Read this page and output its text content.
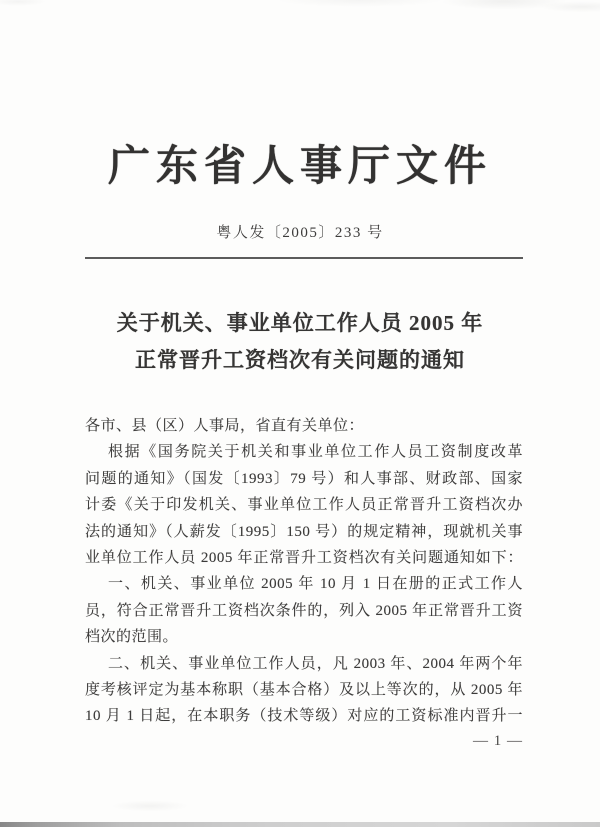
广东省人事厅文件
粤人发〔2005〕233 号
关于机关、事业单位工作人员 2005 年
正常晋升工资档次有关问题的通知
各市、县（区）人事局，省直有关单位：
根据《国务院关于机关和事业单位工作人员工资制度改革
问题的通知》（国发〔1993〕79 号）和人事部、财政部、国家
计委《关于印发机关、事业单位工作人员正常晋升工资档次办
法的通知》（人薪发〔1995〕150 号）的规定精神，现就机关事
业单位工作人员 2005 年正常晋升工资档次有关问题通知如下：
一、机关、事业单位 2005 年 10 月 1 日在册的正式工作人
员，符合正常晋升工资档次条件的，列入 2005 年正常晋升工资
档次的范围。
二、机关、事业单位工作人员，凡 2003 年、2004 年两个年
度考核评定为基本称职（基本合格）及以上等次的，从 2005 年
10 月 1 日起，在本职务（技术等级）对应的工资标准内晋升一
— 1 —
